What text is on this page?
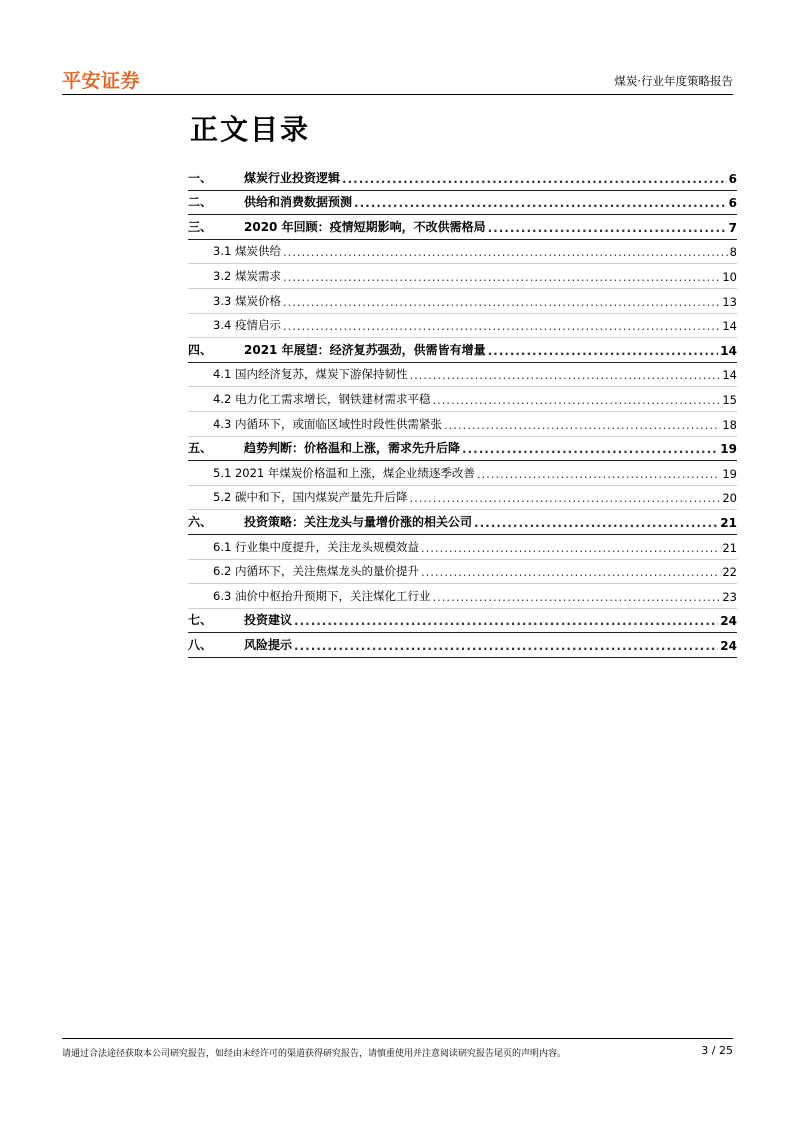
平安证券	煤炭·行业年度策略报告
正文目录
一、	煤炭行业投资逻辑 .....	6
二、	供给和消费数据预测 .....	6
三、	2020 年回顾：疫情短期影响，不改供需格局 .....	7
3.1 煤炭供给 .....	8
3.2 煤炭需求 .....	10
3.3 煤炭价格 .....	13
3.4 疫情启示 .....	14
四、	2021 年展望：经济复苏强劲，供需皆有增量 .....	14
4.1 国内经济复苏，煤炭下游保持韧性 .....	14
4.2 电力化工需求增长，钢铁建材需求平稳 .....	15
4.3 内循环下，或面临区域性时段性供需紧张 .....	18
五、	趋势判断：价格温和上涨，需求先升后降 .....	19
5.1 2021 年煤炭价格温和上涨，煤企业绩逐季改善 .....	19
5.2 碳中和下，国内煤炭产量先升后降 .....	20
六、	投资策略：关注龙头与量增价涨的相关公司 .....	21
6.1 行业集中度提升，关注龙头规模效益 .....	21
6.2 内循环下，关注焦煤龙头的量价提升 .....	22
6.3 油价中枢抬升预期下，关注煤化工行业 .....	23
七、	投资建议 .....	24
八、	风险提示 .....	24
请通过合法途径获取本公司研究报告，如经由未经许可的渠道获得研究报告，请慎重使用并注意阅读研究报告尾页的声明内容。	3 / 25
